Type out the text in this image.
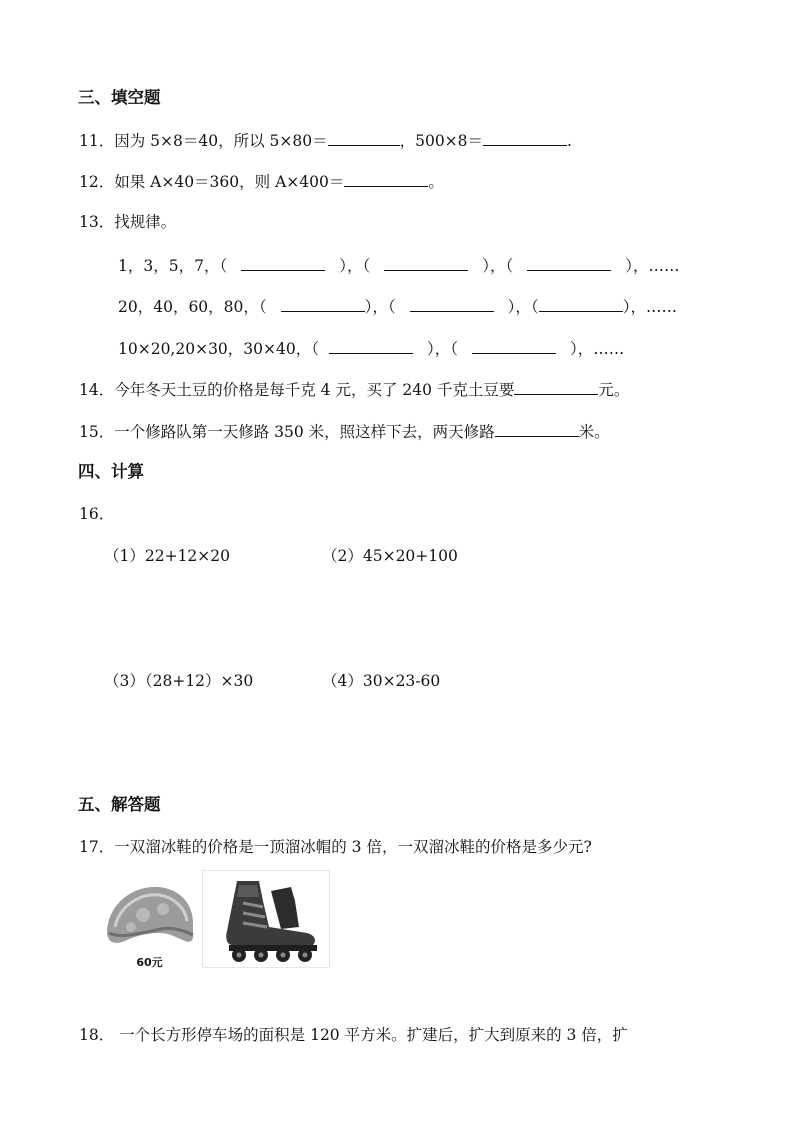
三、填空题
11．因为 5×8＝40，所以 5×80＝	，500×8＝	.
12．如果 A×40＝360，则 A×400＝	。
13．找规律。
1，3，5，7，（	），（	），（	），……
20，40，60，80，（	），（	），（	），……
10×20,20×30，30×40，（	），（	），……
14．今年冬天土豆的价格是每千克 4 元，买了 240 千克土豆要	元。
15．一个修路队第一天修路 350 米，照这样下去，两天修路	米。
四、计算
16．
（1）22+12×20	（2）45×20+100
（3）（28+12）×30	（4）30×23-60
五、解答题
17．一双溜冰鞋的价格是一顶溜冰帽的 3 倍，一双溜冰鞋的价格是多少元?
60元
18． 一个长方形停车场的面积是 120 平方米。扩建后，扩大到原来的 3 倍，扩
